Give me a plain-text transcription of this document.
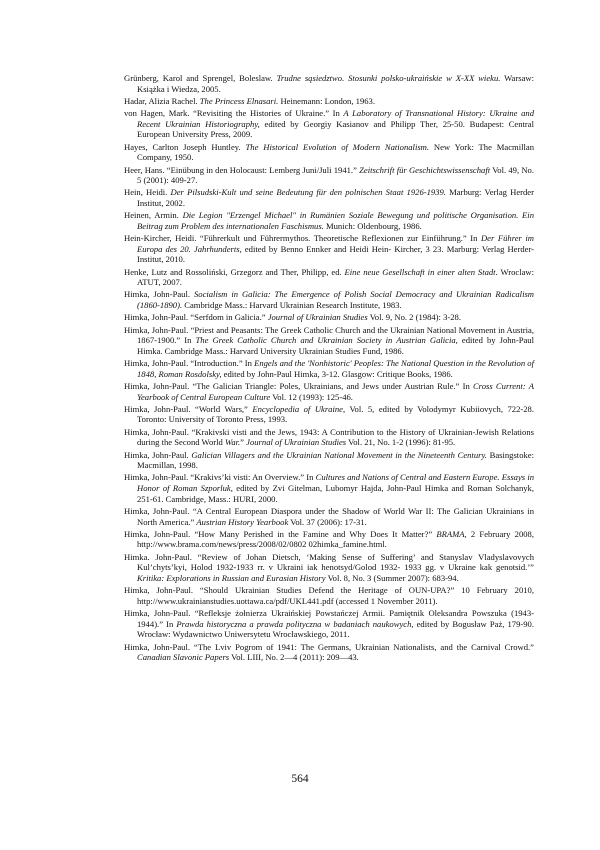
Grünberg, Karol and Sprengel, Boleslaw. Trudne sąsiedztwo. Stosunki polsko-ukraińskie w X-XX wieku. Warsaw: Książka i Wiedza, 2005.
Hadar, Alizia Rachel. The Princess Elnasari. Heinemann: London, 1963.
von Hagen, Mark. “Revisiting the Histories of Ukraine.” In A Laboratory of Transnational History: Ukraine and Recent Ukrainian Historiography, edited by Georgiy Kasianov and Philipp Ther, 25-50. Budapest: Central European University Press, 2009.
Hayes, Carlton Joseph Huntley. The Historical Evolution of Modern Nationalism. New York: The Macmillan Company, 1950.
Heer, Hans. “Einübung in den Holocaust: Lemberg Juni/Juli 1941.” Zeitschrift für Geschichtswissenschaft Vol. 49, No. 5 (2001): 409-27.
Hein, Heidi. Der Pilsudski-Kult und seine Bedeutung für den polnischen Staat 1926-1939. Marburg: Verlag Herder Institut, 2002.
Heinen, Armin. Die Legion "Erzengel Michael" in Rumänien Soziale Bewegung und politische Organisation. Ein Beitrag zum Problem des internationalen Faschismus. Munich: Oldenbourg, 1986.
Hein-Kircher, Heidi. “Führerkult und Führermythos. Theoretische Reflexionen zur Einführung.” In Der Führer im Europa des 20. Jahrhunderts, edited by Benno Ennker and Heidi Hein- Kircher, 3 23. Marburg: Verlag Herder-Institut, 2010.
Henke, Lutz and Rossoliński, Grzegorz and Ther, Philipp, ed. Eine neue Gesellschaft in einer alten Stadt. Wroclaw: ATUT, 2007.
Himka, John-Paul. Socialism in Galicia: The Emergence of Polish Social Democracy and Ukrainian Radicalism (1860-1890). Cambridge Mass.: Harvard Ukrainian Research Institute, 1983.
Himka, John-Paul. “Serfdom in Galicia.” Journal of Ukrainian Studies Vol. 9, No. 2 (1984): 3-28.
Himka, John-Paul. “Priest and Peasants: The Greek Catholic Church and the Ukrainian National Movement in Austria, 1867-1900.” In The Greek Catholic Church and Ukrainian Society in Austrian Galicia, edited by John-Paul Himka. Cambridge Mass.: Harvard University Ukrainian Studies Fund, 1986.
Himka, John-Paul. “Introduction.” In Engels and the 'Nonhistoric' Peoples: The National Question in the Revolution of 1848, Roman Rosdolsky, edited by John-Paul Himka, 3-12. Glasgow: Critique Books, 1986.
Himka, John-Paul. “The Galician Triangle: Poles, Ukrainians, and Jews under Austrian Rule.” In Cross Current: A Yearbook of Central European Culture Vol. 12 (1993): 125-46.
Himka, John-Paul. “World Wars,” Encyclopedia of Ukraine, Vol. 5, edited by Volodymyr Kubiiovych, 722-28. Toronto: University of Toronto Press, 1993.
Himka, John-Paul. “Krakivski visti and the Jews, 1943: A Contribution to the History of Ukrainian-Jewish Relations during the Second World War.” Journal of Ukrainian Studies Vol. 21, No. 1-2 (1996): 81-95.
Himka, John-Paul. Galician Villagers and the Ukrainian National Movement in the Nineteenth Century. Basingstoke: Macmillan, 1998.
Himka, John-Paul. “Krakivs’ki visti: An Overview.” In Cultures and Nations of Central and Eastern Europe. Essays in Honor of Roman Szporluk, edited by Zvi Gitelman, Lubomyr Hajda, John-Paul Himka and Roman Solchanyk, 251-61. Cambridge, Mass.: HURI, 2000.
Himka, John-Paul. “A Central European Diaspora under the Shadow of World War II: The Galician Ukrainians in North America.” Austrian History Yearbook Vol. 37 (2006): 17-31.
Himka, John-Paul. “How Many Perished in the Famine and Why Does It Matter?” BRAMA, 2 February 2008, http://www.brama.com/news/press/2008/02/0802 02himka_famine.html.
Himka. John-Paul. “Review of Johan Dietsch, ‘Making Sense of Suffering’ and Stanyslav Vladyslavovych Kul’chyts’kyi, Holod 1932-1933 rr. v Ukraini iak henotsyd/Golod 1932- 1933 gg. v Ukraine kak genotsid.’” Kritika: Explorations in Russian and Eurasian History Vol. 8, No. 3 (Summer 2007): 683-94.
Himka, John-Paul. “Should Ukrainian Studies Defend the Heritage of OUN-UPA?” 10 February 2010, http://www.ukrainianstudies.uottawa.ca/pdf/UKL441.pdf (accessed 1 November 2011).
Himka, John-Paul. “Refleksje żołnierza Ukraińskiej Powstańczej Armii. Pamiętnik Oleksandra Powszuka (1943-1944).” In Prawda historyczna a prawda polityczna w badaniach naukowych, edited by Bogusław Paż, 179-90. Wrocław: Wydawnictwo Uniwersytetu Wrocławskiego, 2011.
Himka, John-Paul. “The Lviv Pogrom of 1941: The Germans, Ukrainian Nationalists, and the Carnival Crowd.” Canadian Slavonic Papers Vol. LIII, No. 2—4 (2011): 209—43.
564
